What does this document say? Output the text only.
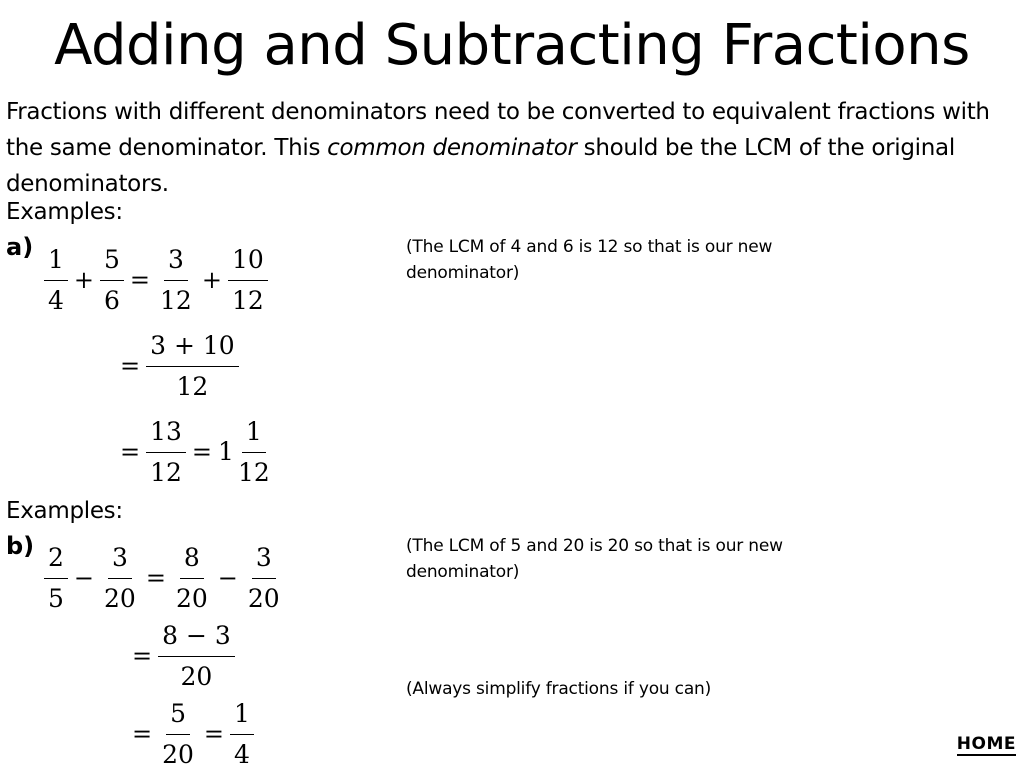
Adding and Subtracting Fractions
Fractions with different denominators need to be converted to equivalent fractions with the same denominator. This common denominator should be the LCM of the original denominators.
Examples:
a)	(The LCM of 4 and 6 is 12 so that is our new denominator)
$\frac{1}{4} + \frac{5}{6} = \frac{3}{12} + \frac{10}{12}$
= $\frac{3 + 10}{12}$
= $\frac{13}{12} = 1 \frac{1}{12}$
Examples:
b)	(The LCM of 5 and 20 is 20 so that is our new denominator)
(Always simplify fractions if you can)
$\frac{2}{5} - \frac{3}{20} = \frac{8}{20} - \frac{3}{20}$
= $\frac{8 - 3}{20}$
= $\frac{5}{20} = \frac{1}{4}$	HOME
